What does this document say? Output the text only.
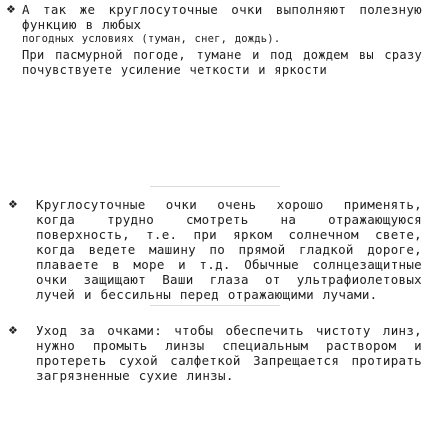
❖ А так же круглосуточные очки выполняют полезную функцию в любых
погодных условиях (туман, снег, дождь).
При пасмурной погоде, тумане и под дождем вы сразу почувствуете усиление четкости и яркости
❖	Круглосуточные очки очень хорошо применять, когда трудно смотреть на отражающуюся поверхность, т.е. при ярком солнечном свете, когда ведете машину по прямой гладкой дороге, плаваете в море и т.д. Обычные солнцезащитные очки защищают Ваши глаза от ультрафиолетовых лучей и бессильны перед отражающими лучами.
❖	Уход за очками: чтобы обеспечить чистоту линз, нужно промыть линзы специальным раствором и протереть сухой салфеткой Запрещается протирать загрязненные сухие линзы.
